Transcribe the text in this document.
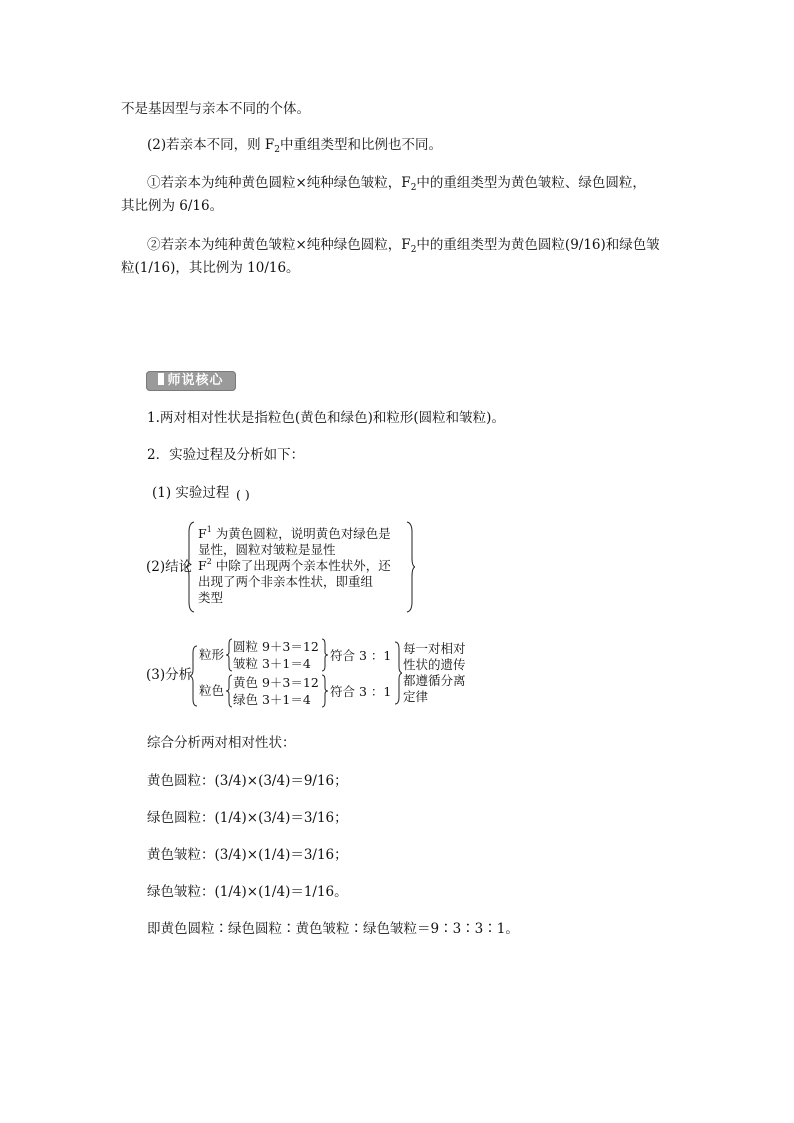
不是基因型与亲本不同的个体。
(2)若亲本不同，则 $F_2$中重组类型和比例也不同。
①若亲本为纯种黄色圆粒×纯种绿色皱粒，$F_2$中的重组类型为黄色皱粒、绿色圆粒，
其比例为 6/16。
②若亲本为纯种黄色皱粒×纯种绿色圆粒，$F_2$中的重组类型为黄色圆粒(9/16)和绿色皱
粒(1/16)，其比例为 10/16。
师说核心
1.两对相对性状是指粒色(黄色和绿色)和粒形(圆粒和皱粒)。
2．实验过程及分析如下：
(1) 实验过程 ( )
(2)结论
$F^1$ 为黄色圆粒，说明黄色对绿色是
显性，圆粒对皱粒是显性
$F^2$ 中除了出现两个亲本性状外，还
出现了两个非亲本性状，即重组
类型
(3)分析
粒形
圆粒 9＋3＝12
皱粒 3＋1＝4
符合 3 ：1
粒色
黄色 9＋3＝12
绿色 3＋1＝4
符合 3 ：1
每一对相对
性状的遗传
都遵循分离
定律
综合分析两对相对性状：
黄色圆粒：(3/4)×(3/4)＝9/16；
绿色圆粒：(1/4)×(3/4)＝3/16；
黄色皱粒：(3/4)×(1/4)＝3/16；
绿色皱粒：(1/4)×(1/4)＝1/16。
即黄色圆粒∶绿色圆粒∶黄色皱粒∶绿色皱粒＝9∶3∶3∶1。
